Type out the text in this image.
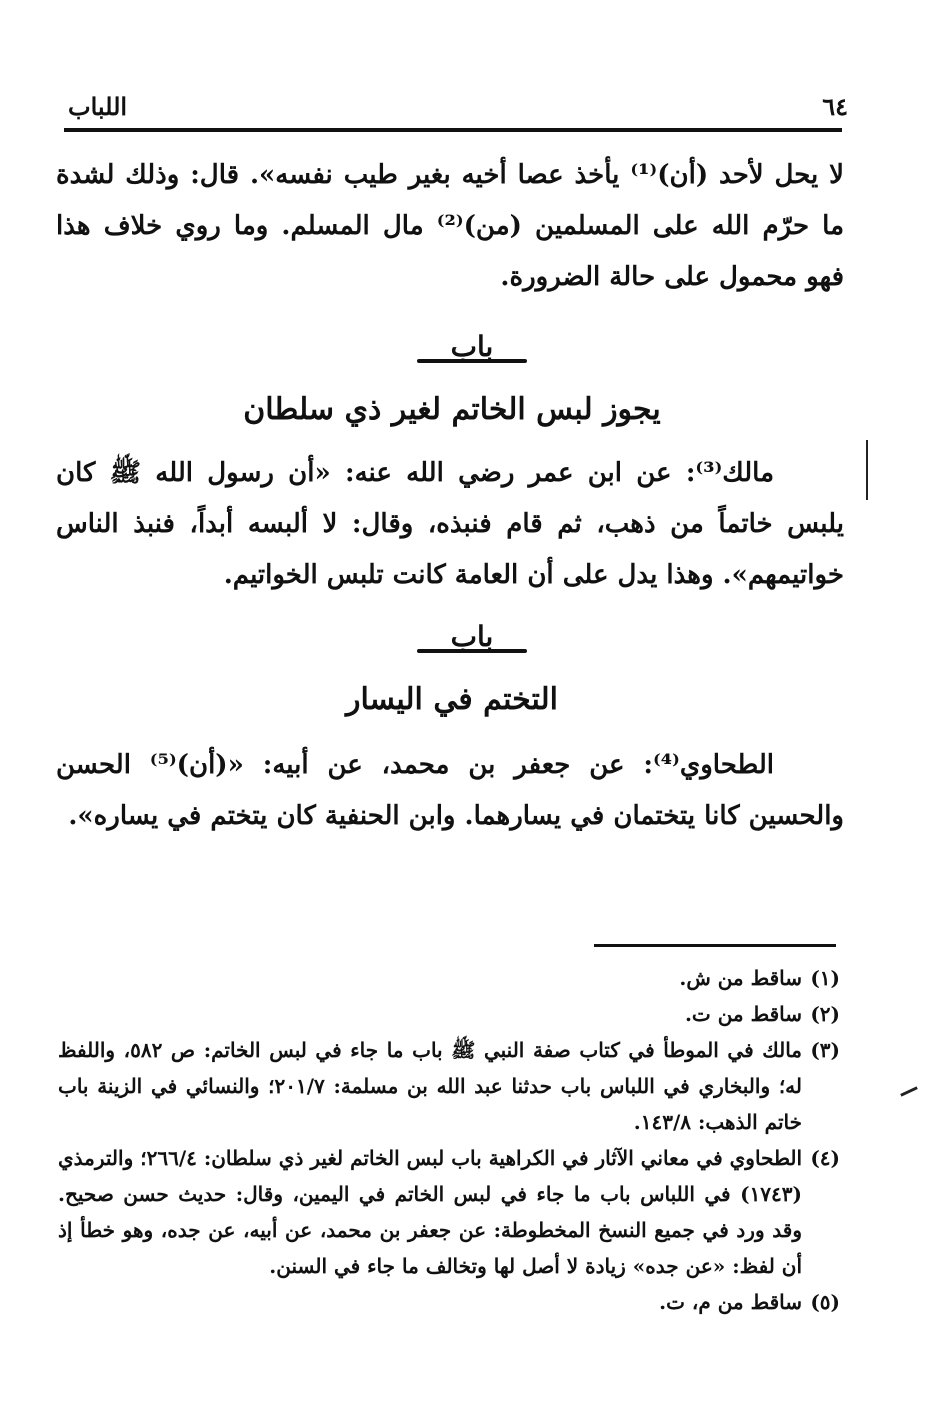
٦٤
اللباب

لا يحل لأحد (أن)⁽¹⁾ يأخذ عصا أخيه بغير طيب نفسه». قال: وذلك لشدة ما حرّم الله على المسلمين (من)⁽²⁾ مال المسلم. وما روي خلاف هذا فهو محمول على حالة الضرورة.

باب
يجوز لبس الخاتم لغير ذي سلطان

مالك⁽³⁾: عن ابن عمر رضي الله عنه: «أن رسول الله ﷺ كان يلبس خاتماً من ذهب، ثم قام فنبذه، وقال: لا ألبسه أبداً، فنبذ الناس خواتيمهم». وهذا يدل على أن العامة كانت تلبس الخواتيم.

باب
التختم في اليسار

الطحاوي⁽⁴⁾: عن جعفر بن محمد، عن أبيه: «(أن)⁽⁵⁾ الحسن والحسين كانا يتختمان في يسارهما. وابن الحنفية كان يتختم في يساره».

(١)
ساقط من ش.
(٢)
ساقط من ت.
(٣)
مالك في الموطأ في كتاب صفة النبي ﷺ باب ما جاء في لبس الخاتم: ص ٥٨٢، واللفظ له؛ والبخاري في اللباس باب حدثنا عبد الله بن مسلمة: ٢٠١/٧؛ والنسائي في الزينة باب خاتم الذهب: ١٤٣/٨.
(٤)
الطحاوي في معاني الآثار في الكراهية باب لبس الخاتم لغير ذي سلطان: ٢٦٦/٤؛ والترمذي (١٧٤٣) في اللباس باب ما جاء في لبس الخاتم في اليمين، وقال: حديث حسن صحيح. وقد ورد في جميع النسخ المخطوطة: عن جعفر بن محمد، عن أبيه، عن جده، وهو خطأ إذ أن لفظ: «عن جده» زيادة لا أصل لها وتخالف ما جاء في السنن.
(٥)
ساقط من م، ت.
